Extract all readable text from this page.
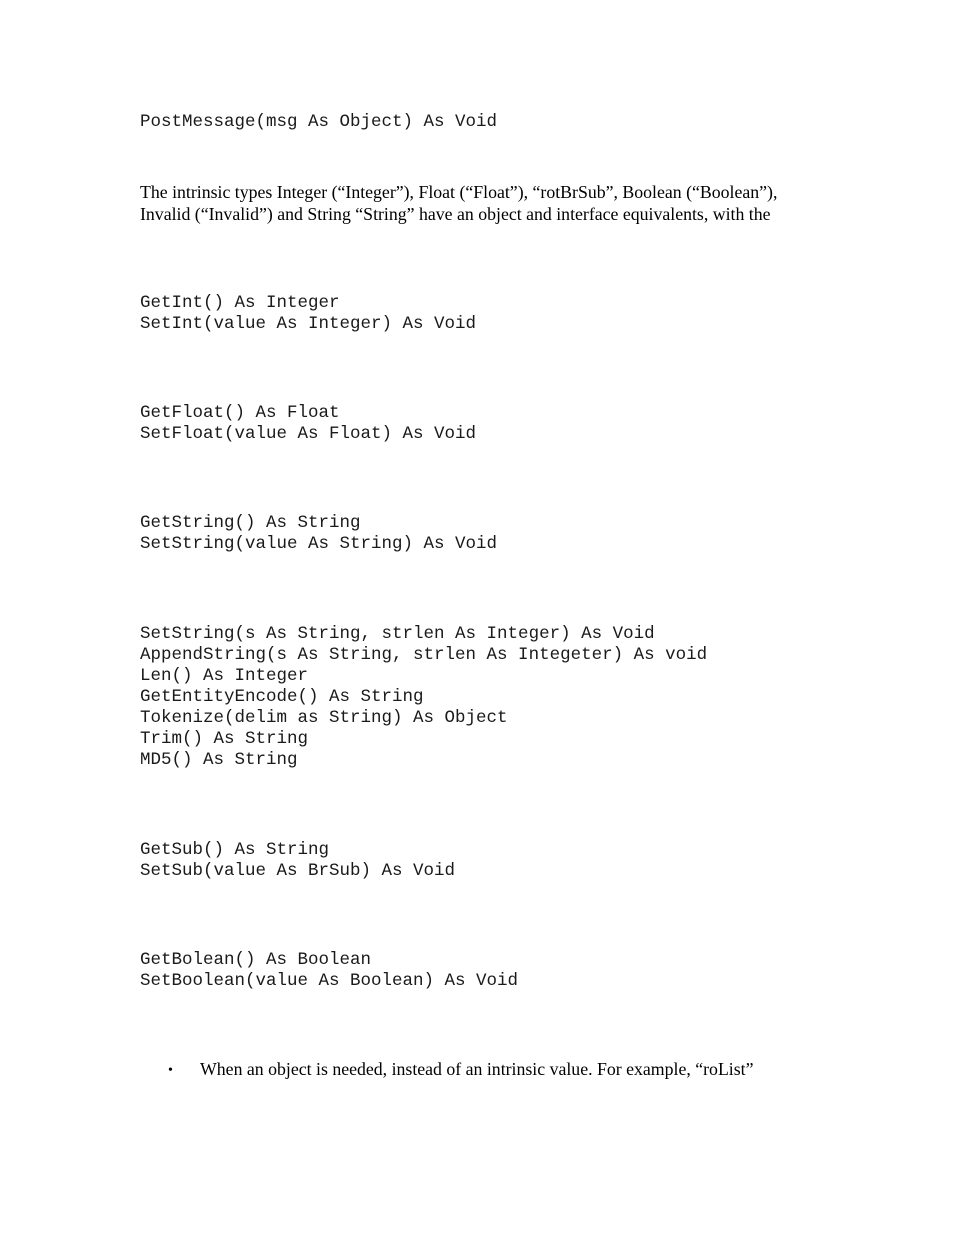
PostMessage(msg As Object) As Void
The intrinsic types Integer (“Integer”), Float (“Float”), “rotBrSub”, Boolean (“Boolean”),
Invalid (“Invalid”) and String “String” have an object and interface equivalents, with the
GetInt() As Integer
SetInt(value As Integer) As Void
GetFloat() As Float
SetFloat(value As Float) As Void
GetString() As String
SetString(value As String) As Void
SetString(s As String, strlen As Integer) As Void
AppendString(s As String, strlen As Integeter) As void
Len() As Integer
GetEntityEncode() As String
Tokenize(delim as String) As Object
Trim() As String
MD5() As String
GetSub() As String
SetSub(value As BrSub) As Void
GetBolean() As Boolean
SetBoolean(value As Boolean) As Void
• When an object is needed, instead of an intrinsic value. For example, “roList”
